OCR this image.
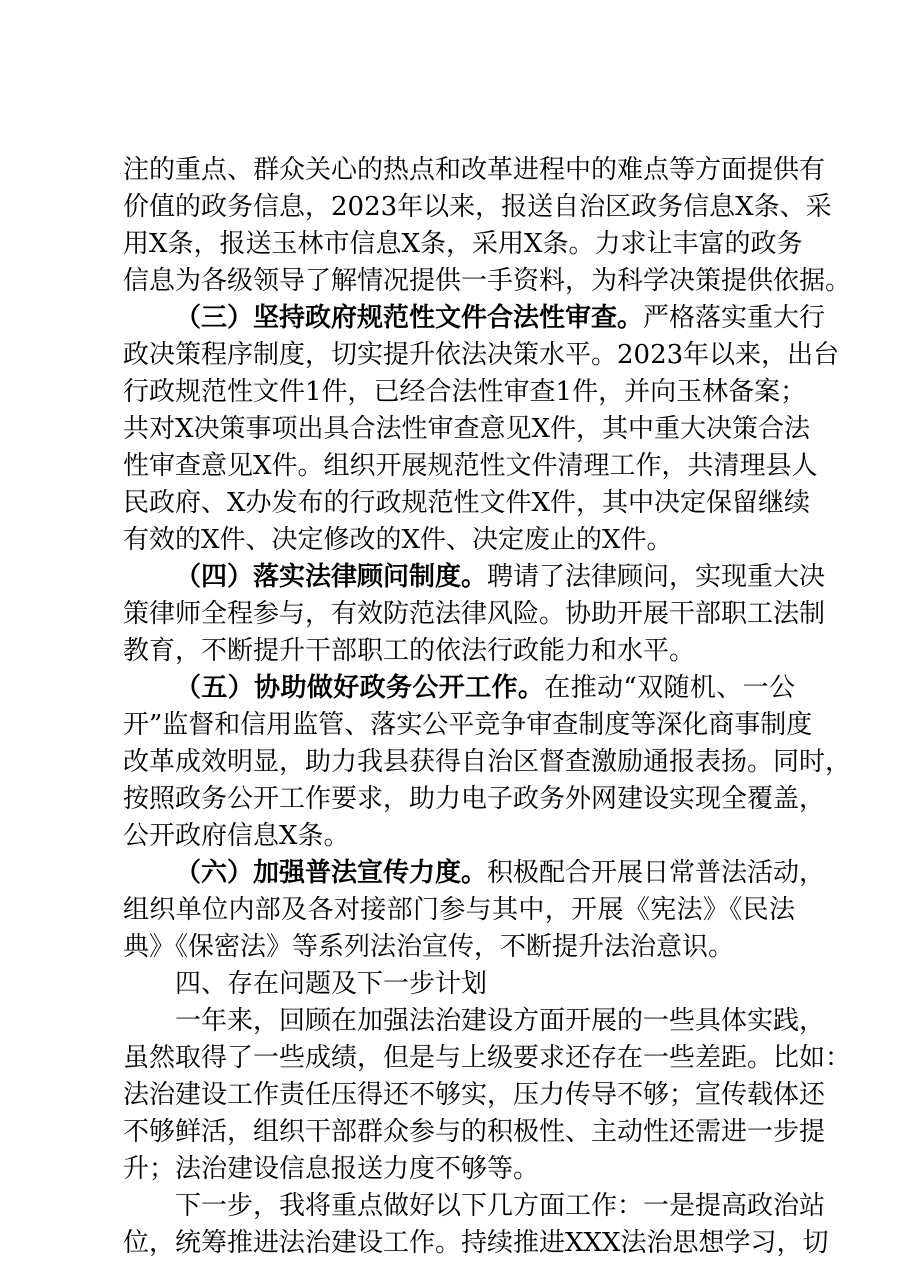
注的重点、群众关心的热点和改革进程中的难点等方面提供有
价值的政务信息，2023年以来，报送自治区政务信息X条、采
用X条，报送玉林市信息X条，采用X条。力求让丰富的政务
信息为各级领导了解情况提供一手资料，为科学决策提供依据。
（三）坚持政府规范性文件合法性审查。严格落实重大行
政决策程序制度，切实提升依法决策水平。2023年以来，出台
行政规范性文件1件，已经合法性审查1件，并向玉林备案；
共对X决策事项出具合法性审查意见X件，其中重大决策合法
性审查意见X件。组织开展规范性文件清理工作，共清理县人
民政府、X办发布的行政规范性文件X件，其中决定保留继续
有效的X件、决定修改的X件、决定废止的X件。
（四）落实法律顾问制度。聘请了法律顾问，实现重大决
策律师全程参与，有效防范法律风险。协助开展干部职工法制
教育，不断提升干部职工的依法行政能力和水平。
（五）协助做好政务公开工作。在推动“双随机、一公
开”监督和信用监管、落实公平竞争审查制度等深化商事制度
改革成效明显，助力我县获得自治区督查激励通报表扬。同时，
按照政务公开工作要求，助力电子政务外网建设实现全覆盖，
公开政府信息X条。
（六）加强普法宣传力度。积极配合开展日常普法活动，
组织单位内部及各对接部门参与其中，开展《宪法》《民法
典》《保密法》等系列法治宣传，不断提升法治意识。
四、存在问题及下一步计划
一年来，回顾在加强法治建设方面开展的一些具体实践，
虽然取得了一些成绩，但是与上级要求还存在一些差距。比如：
法治建设工作责任压得还不够实，压力传导不够；宣传载体还
不够鲜活，组织干部群众参与的积极性、主动性还需进一步提
升；法治建设信息报送力度不够等。
下一步，我将重点做好以下几方面工作：一是提高政治站
位，统筹推进法治建设工作。持续推进XXX法治思想学习，切
